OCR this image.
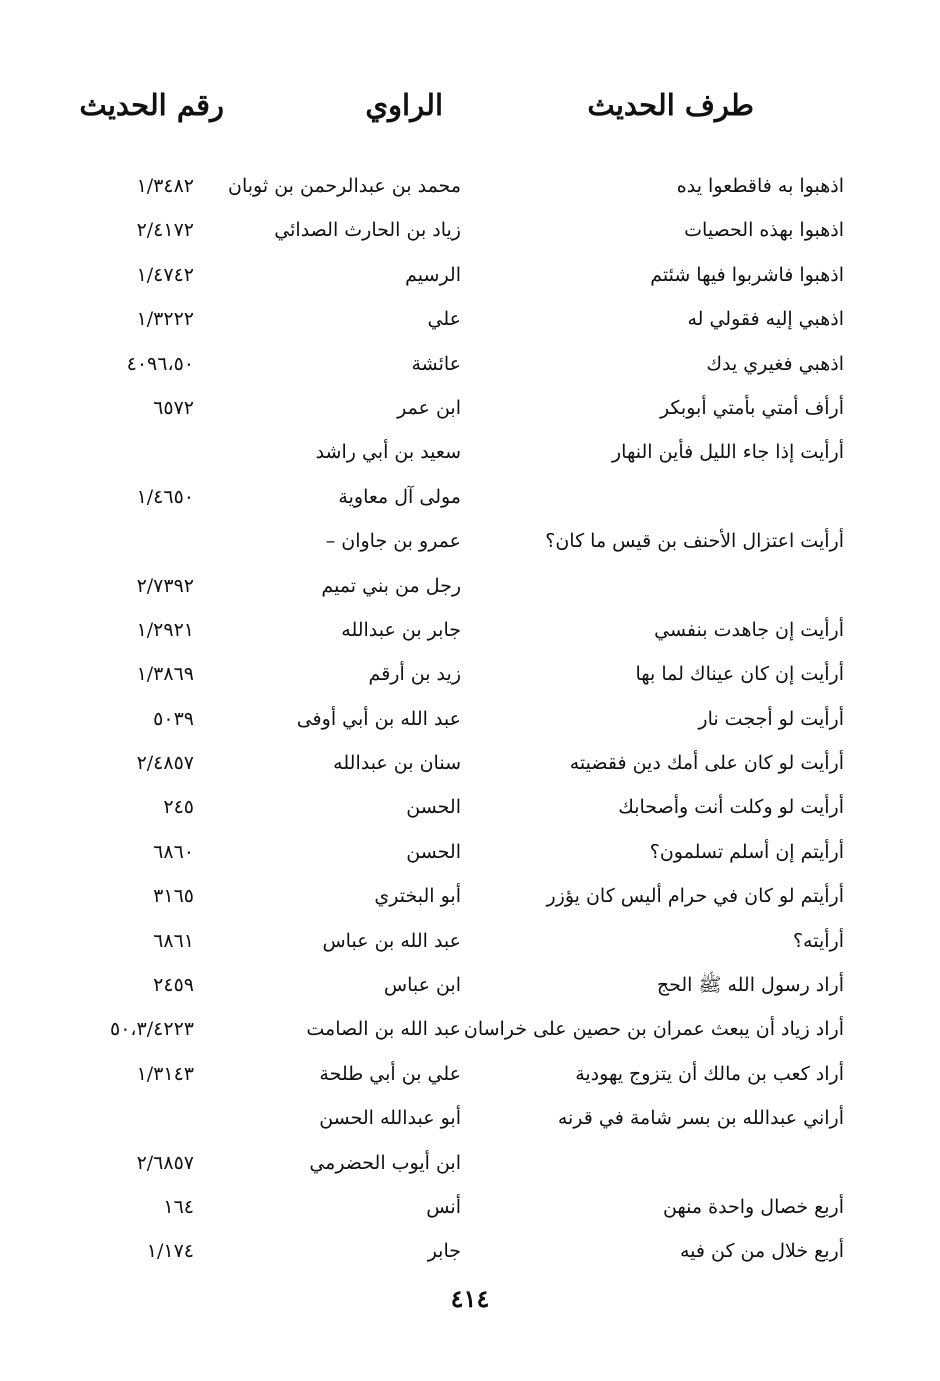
طرف الحديث
الراوي
رقم الحديث
اذهبوا به فاقطعوا يده
محمد بن عبدالرحمن بن ثوبان
١/٣٤٨٢
اذهبوا بهذه الحصيات
زياد بن الحارث الصدائي
٢/٤١٧٢
اذهبوا فاشربوا فيها شئتم
الرسيم
١/٤٧٤٢
اذهبي إليه فقولي له
علي
١/٣٢٢٢
اذهبي فغيري يدك
عائشة
٤٠٩٦،٥٠
أرأف أمتي بأمتي أبوبكر
ابن عمر
٦٥٧٢
أرأيت إذا جاء الليل فأين النهار
سعيد بن أبي راشد
مولى آل معاوية
١/٤٦٥٠
أرأيت اعتزال الأحنف بن قيس ما كان؟
عمرو بن جاوان –
رجل من بني تميم
٢/٧٣٩٢
أرأيت إن جاهدت بنفسي
جابر بن عبدالله
١/٢٩٢١
أرأيت إن كان عيناك لما بها
زيد بن أرقم
١/٣٨٦٩
أرأيت لو أججت نار
عبد الله بن أبي أوفى
٥٠٣٩
أرأيت لو كان على أمك دين فقضيته
سنان بن عبدالله
٢/٤٨٥٧
أرأيت لو وكلت أنت وأصحابك
الحسن
٢٤٥
أرأيتم إن أسلم تسلمون؟
الحسن
٦٨٦٠
أرأيتم لو كان في حرام أليس كان يؤزر
أبو البختري
٣١٦٥
أرأيته؟
عبد الله بن عباس
٦٨٦١
أراد رسول الله ﷺ الحج
ابن عباس
٢٤٥٩
أراد زياد أن يبعث عمران بن حصين على خراسان
عبد الله بن الصامت
٥٠،٣/٤٢٢٣
أراد كعب بن مالك أن يتزوج يهودية
علي بن أبي طلحة
١/٣١٤٣
أراني عبدالله بن بسر شامة في قرنه
أبو عبدالله الحسن
ابن أيوب الحضرمي
٢/٦٨٥٧
أربع خصال واحدة منهن
أنس
١٦٤
أربع خلال من كن فيه
جابر
١/١٧٤
٤١٤
